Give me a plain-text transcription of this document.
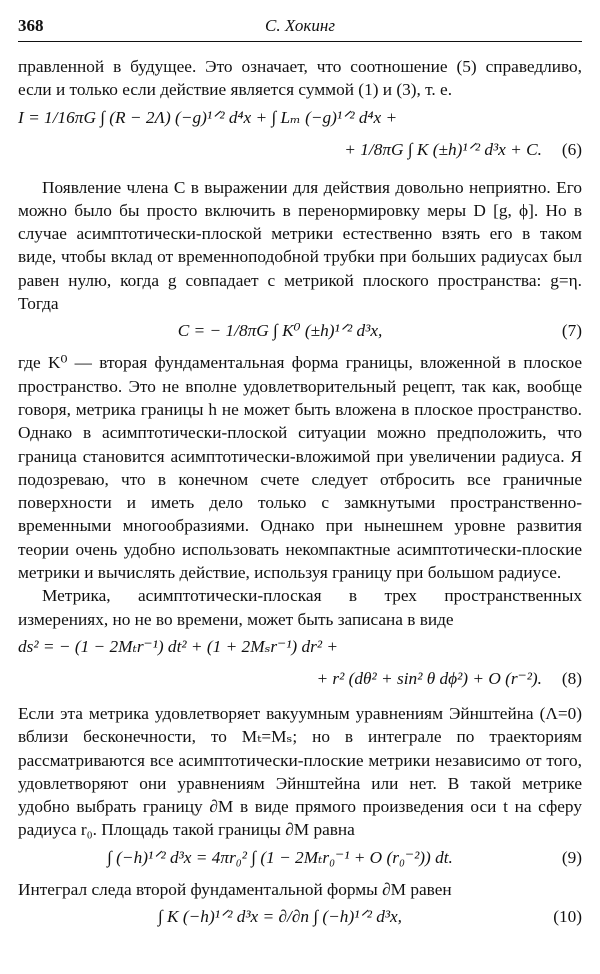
368	С. Хокинг

правленной в будущее. Это означает, что соотношение (5) справедливо, если и только если действие является суммой (1) и (3), т. е.

I = 1/16πG ∫ (R − 2Λ) (−g)¹ᐟ² d⁴x + ∫ Lₘ (−g)¹ᐟ² d⁴x +
+ 1/8πG ∫ K (±h)¹ᐟ² d³x + C. (6)

Появление члена C в выражении для действия довольно неприятно. Его можно было бы просто включить в перенормировку меры D [g, ϕ]. Но в случае асимптотически-плоской метрики естественно взять его в таком виде, чтобы вклад от временноподобной трубки при больших радиусах был равен нулю, когда g совпадает с метрикой плоского пространства: g=η. Тогда

C = − 1/8πG ∫ K⁰ (±h)¹ᐟ² d³x,	(7)

где K⁰ — вторая фундаментальная форма границы, вложенной в плоское пространство. Это не вполне удовлетворительный рецепт, так как, вообще говоря, метрика границы h не может быть вложена в плоское пространство. Однако в асимптотически-плоской ситуации можно предположить, что граница становится асимптотически-вложимой при увеличении радиуса. Я подозреваю, что в конечном счете следует отбросить все граничные поверхности и иметь дело только с замкнутыми пространственно-временными многообразиями. Однако при нынешнем уровне развития теории очень удобно использовать некомпактные асимптотически-плоские метрики и вычислять действие, используя границу при большом радиусе.

Метрика, асимптотически-плоская в трех пространственных измерениях, но не во времени, может быть записана в виде

ds² = − (1 − 2Mₜr⁻¹) dt² + (1 + 2Mₛr⁻¹) dr² +
+ r² (dθ² + sin² θ dϕ²) + O (r⁻²). (8)

Если эта метрика удовлетворяет вакуумным уравнениям Эйнштейна (Λ=0) вблизи бесконечности, то Mₜ=Mₛ; но в интеграле по траекториям рассматриваются все асимптотически-плоские метрики независимо от того, удовлетворяют они уравнениям Эйнштейна или нет. В такой метрике удобно выбрать границу ∂M в виде прямого произведения оси t на сферу радиуса r₀. Площадь такой границы ∂M равна

∫ (−h)¹ᐟ² d³x = 4πr₀² ∫ (1 − 2Mₜr₀⁻¹ + O (r₀⁻²)) dt.	(9)

Интеграл следа второй фундаментальной формы ∂M равен

∫ K (−h)¹ᐟ² d³x = ∂/∂n ∫ (−h)¹ᐟ² d³x,	(10)
